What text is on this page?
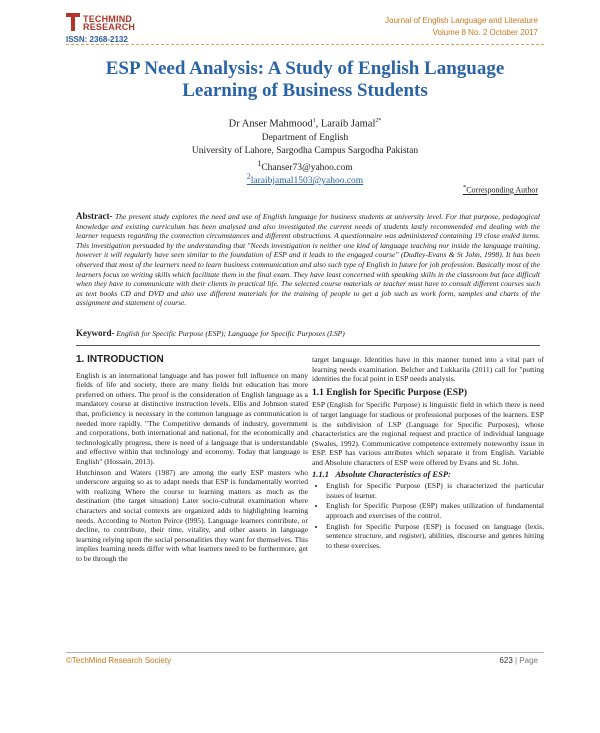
TECHMIND
RESEARCH
ISSN: 2368-2132
Journal of English Language and Literature
Volume 8 No. 2 October 2017
ESP Need Analysis: A Study of English Language Learning of Business Students
Dr Anser Mahmood$^1$, Laraib Jamal$^{2*}$
Department of English
University of Lahore, Sargodha Campus Sargodha Pakistan
$^1$Chanser73@yahoo.com
$^2$laraibjamal1503@yahoo.com
*Corresponding Author
Abstract- The present study explores the need and use of English language for business students at university level. For that purpose, pedagogical knowledge and existing curriculum has been analysed and also investigated the current needs of students lastly recommended end dealing with the learner requests regarding the connection circumstances and different obstructions. A questionnaire was administered containing 19 close ended items. This investigation persuaded by the understanding that "Needs investigation is neither one kind of language teaching nor inside the language training, however it will regularly have seen similar to the foundation of ESP and it leads to the engaged course" (Dudley-Evans & St John, 1998). It has been observed that most of the learners need to learn business communication and also such type of English in future for job profession. Basically most of the learners focus on writing skills which facilitate them in the final exam. They have least concerned with speaking skills in the classroom but face difficult when they have to communicate with their clients in practical life. The selected course materials or teacher must have to consult different courses such as text books CD and DVD and also use different materials for the training of people to get a job such as work form, samples and charts of the assignment and statement of course.
Keyword- English for Specific Purpose (ESP); Language for Specific Purposes (LSP)
1. INTRODUCTION

English is an international language and has power full influence on many fields of life and society, there are many fields but education has more preferred on others. The proof is the consideration of English language as a mandatory course at distinctive instruction levels. Ellis and Johnson stated that, proficiency is necessary in the common language as communication is needed more rapidly. "The Competitive demands of industry, government and corporations, both international and national, for the economically and technologically progress, there is need of a language that is understandable and effective within that technology and economy. Today that language is English" (Hossain, 2013).

Hutchinson and Waters (1987) are among the early ESP masters who underscore arguing so as to adapt needs that ESP is fundamentally worried with realizing Where the course to learning matters as much as the destination (the target situation) Later socio-cultural examination where characters and social contexts are organized adds to highlighting learning needs. According to Norton Peirce (l995). Language learners contribute, or decline, to contribute, their time, vitality, and other assets in language learning relying upon the social personalities they want for themselves. This implies learning needs differ with what learners need to be furthermore, get to be through the

target language. Identities have in this manner turned into a vital part of learning needs examination. Belcher and Lukkarila (2011) call for "putting identities the focal point in ESP needs analysis.

1.1 English for Specific Purpose (ESP)

ESP (English for Specific Purpose) is linguistic field in which there is need of target language for stadious or professional purposes of the learners. ESP is the subdivision of LSP (Language for Specific Purposes), whose characteristics are the regional request and practice of individual language (Swales, 1992). Communicative competence extremely noteworthy issue in ESP. ESP has various attributes which separate it from English. Variable and Absolute characters of ESP were offered by Evans and St. John.

1.1.1 Absolute Characteristics of ESP:
• English for Specific Purpose (ESP) is characterized the particular issues of learner.
• English for Specific Purpose (ESP) makes utilization of fundamental approach and exercises of the control.
• English for Specific Purpose (ESP) is focused on language (lexis, sentence structure, and register), abilities, discourse and genres hitting to these exercises.
©TechMind Research Society	623 | Page
